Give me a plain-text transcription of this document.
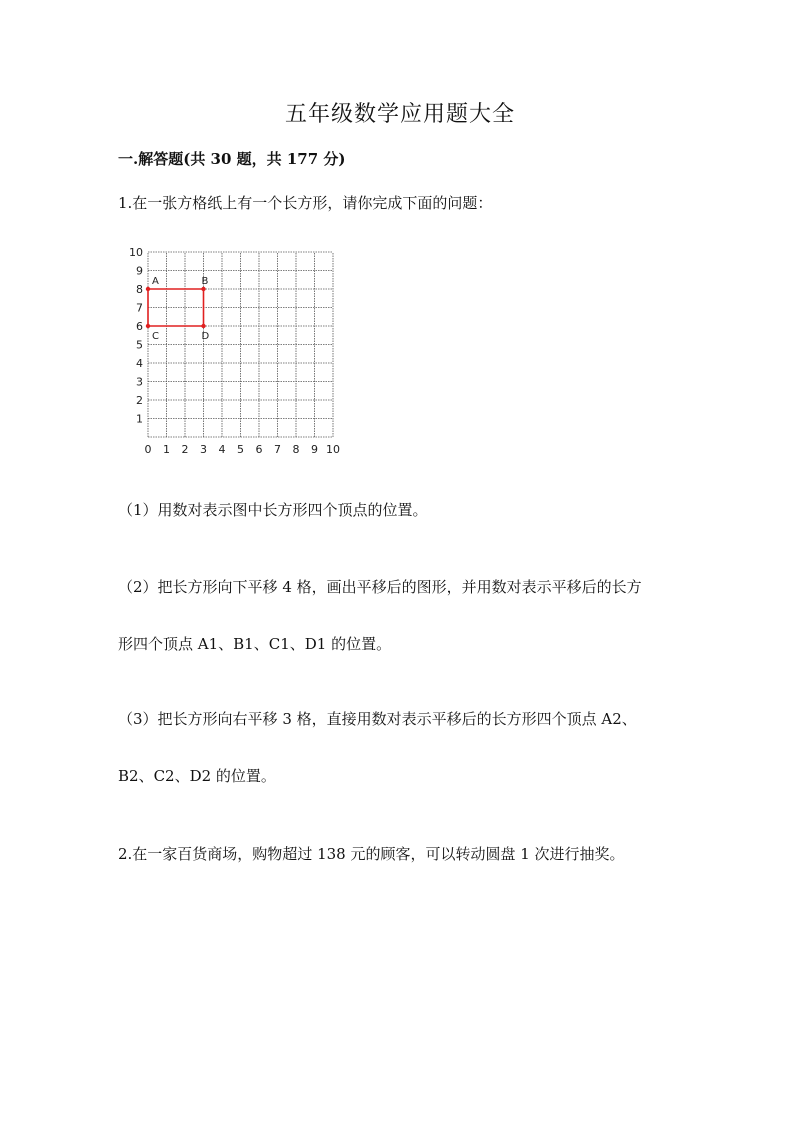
五年级数学应用题大全
一.解答题(共 30 题，共 177 分)
1.在一张方格纸上有一个长方形，请你完成下面的问题：
0 1 2 3 4 5 6 7 8 9 10
1
2
3
4
5
6
7
8
9
10
A	B
C	D
（1）用数对表示图中长方形四个顶点的位置。
（2）把长方形向下平移 4 格，画出平移后的图形，并用数对表示平移后的长方
形四个顶点 A1、B1、C1、D1 的位置。
（3）把长方形向右平移 3 格，直接用数对表示平移后的长方形四个顶点 A2、
B2、C2、D2 的位置。
2.在一家百货商场，购物超过 138 元的顾客，可以转动圆盘 1 次进行抽奖。
